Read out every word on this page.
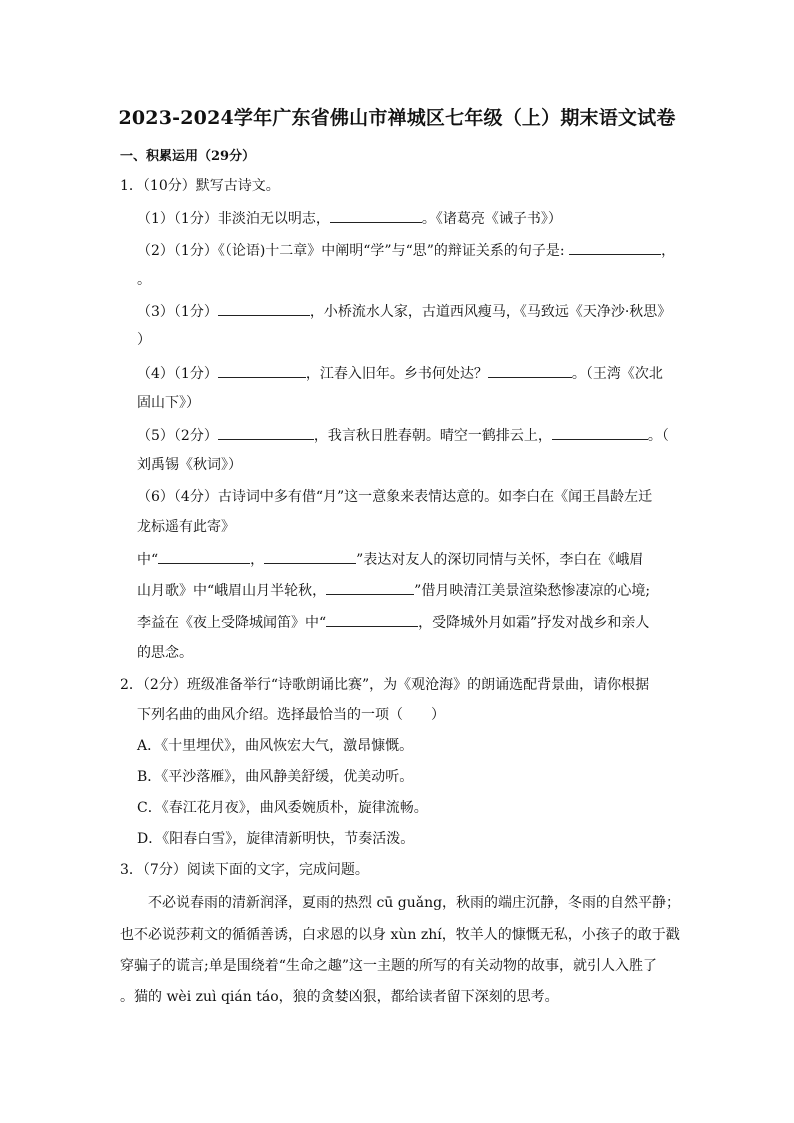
2023-2024学年广东省佛山市禅城区七年级（上）期末语文试卷
一、积累运用（29分）
1．（10分）默写古诗文。
（1）（1分）非淡泊无以明志，	。《诸葛亮《诫子书》）
（2）（1分）《（论语)十二章》中阐明“学”与“思”的辩证关系的句子是:	，
。
（3）（1分）	，小桥流水人家，古道西风瘦马，《马致远《天净沙·秋思》
）
（4）（1分）	，江春入旧年。乡书何处达？	。（王湾《次北
固山下》）
（5）（2分）	，我言秋日胜春朝。晴空一鹤排云上，	。（
刘禹锡《秋词》）
（6）（4分）古诗词中多有借“月”这一意象来表情达意的。如李白在《闻王昌龄左迁
龙标遥有此寄》
中“	，	”表达对友人的深切同情与关怀，李白在《峨眉
山月歌》中“峨眉山月半轮秋，	”借月映清江美景渲染愁惨凄凉的心境;
李益在《夜上受降城闻笛》中“	，受降城外月如霜”抒发对战乡和亲人
的思念。
2．（2分）班级准备举行“诗歌朗诵比赛”，为《观沧海》的朗诵选配背景曲，请你根据
下列名曲的曲风介绍。选择最恰当的一项（　　）
A．《十里埋伏》，曲风恢宏大气，激昂慷慨。
B．《平沙落雁》，曲风静美舒缓，优美动听。
C．《春江花月夜》，曲风委婉质朴，旋律流畅。
D．《阳春白雪》，旋律清新明快，节奏活泼。
3．（7分）阅读下面的文字，完成问题。
不必说春雨的清新润泽，夏雨的热烈 cū guǎng，秋雨的端庄沉静，冬雨的自然平静；
也不必说莎莉文的循循善诱，白求恩的以身 xùn zhí，牧羊人的慷慨无私，小孩子的敢于戳
穿骗子的谎言;单是围绕着“生命之趣”这一主题的所写的有关动物的故事，就引人入胜了
。猫的 wèi zuì qián táo，狼的贪婪凶狠，都给读者留下深刻的思考。
